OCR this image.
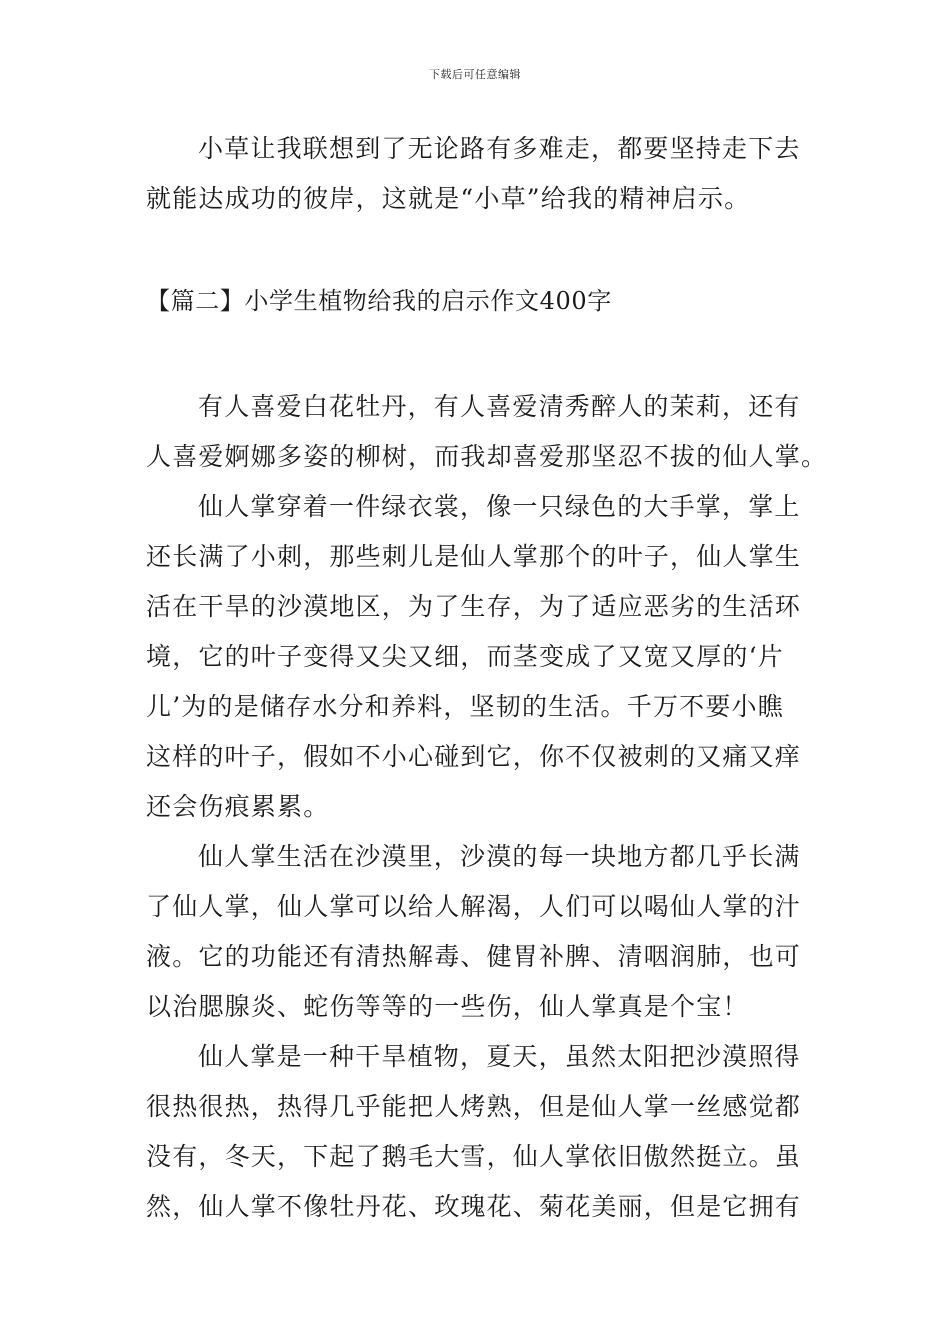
下载后可任意编辑
小草让我联想到了无论路有多难走，都要坚持走下去
就能达成功的彼岸，这就是“小草”给我的精神启示。
【篇二】小学生植物给我的启示作文400字
有人喜爱白花牡丹，有人喜爱清秀醉人的茉莉，还有
人喜爱婀娜多姿的柳树，而我却喜爱那坚忍不拔的仙人掌。
仙人掌穿着一件绿衣裳，像一只绿色的大手掌，掌上
还长满了小刺，那些刺儿是仙人掌那个的叶子，仙人掌生
活在干旱的沙漠地区，为了生存，为了适应恶劣的生活环
境，它的叶子变得又尖又细，而茎变成了又宽又厚的‘片
儿’为的是储存水分和养料，坚韧的生活。千万不要小瞧
这样的叶子，假如不小心碰到它，你不仅被刺的又痛又痒
还会伤痕累累。
仙人掌生活在沙漠里，沙漠的每一块地方都几乎长满
了仙人掌，仙人掌可以给人解渴，人们可以喝仙人掌的汁
液。它的功能还有清热解毒、健胃补脾、清咽润肺，也可
以治腮腺炎、蛇伤等等的一些伤，仙人掌真是个宝！
仙人掌是一种干旱植物，夏天，虽然太阳把沙漠照得
很热很热，热得几乎能把人烤熟，但是仙人掌一丝感觉都
没有，冬天，下起了鹅毛大雪，仙人掌依旧傲然挺立。虽
然，仙人掌不像牡丹花、玫瑰花、菊花美丽，但是它拥有
